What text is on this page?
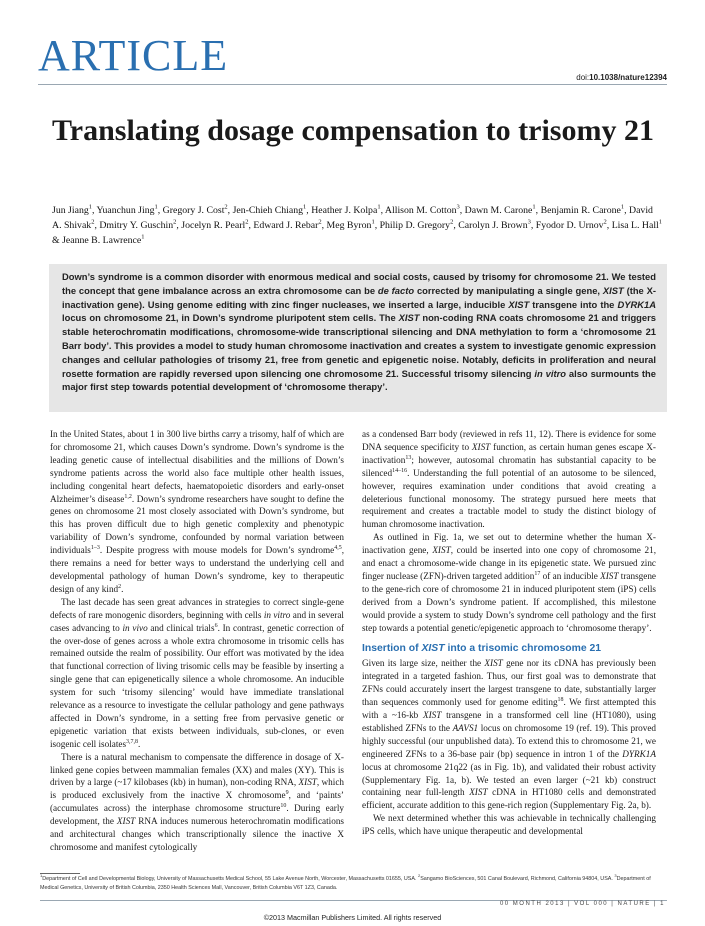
ARTICLE	doi:10.1038/nature12394
Translating dosage compensation to trisomy 21
Jun Jiang$^1$, Yuanchun Jing$^1$, Gregory J. Cost$^2$, Jen-Chieh Chiang$^1$, Heather J. Kolpa$^1$, Allison M. Cotton$^3$, Dawn M. Carone$^1$, Benjamin R. Carone$^1$, David A. Shivak$^2$, Dmitry Y. Guschin$^2$, Jocelyn R. Pearl$^2$, Edward J. Rebar$^2$, Meg Byron$^1$, Philip D. Gregory$^2$, Carolyn J. Brown$^3$, Fyodor D. Urnov$^2$, Lisa L. Hall$^1$ & Jeanne B. Lawrence$^1$
Down’s syndrome is a common disorder with enormous medical and social costs, caused by trisomy for chromosome 21. We tested the concept that gene imbalance across an extra chromosome can be de facto corrected by manipulating a single gene, XIST (the X-inactivation gene). Using genome editing with zinc finger nucleases, we inserted a large, inducible XIST transgene into the DYRK1A locus on chromosome 21, in Down’s syndrome pluripotent stem cells. The XIST non-coding RNA coats chromosome 21 and triggers stable heterochromatin modifications, chromosome-wide transcriptional silencing and DNA methylation to form a ‘chromosome 21 Barr body’. This provides a model to study human chromosome inactivation and creates a system to investigate genomic expression changes and cellular pathologies of trisomy 21, free from genetic and epigenetic noise. Notably, deficits in proliferation and neural rosette formation are rapidly reversed upon silencing one chromosome 21. Successful trisomy silencing in vitro also surmounts the major first step towards potential development of ‘chromosome therapy’.

In the United States, about 1 in 300 live births carry a trisomy, half of which are for chromosome 21, which causes Down’s syndrome. Down’s syndrome is the leading genetic cause of intellectual disabilities and the millions of Down’s syndrome patients across the world also face multiple other health issues, including congenital heart defects, haematopoietic disorders and early-onset Alzheimer’s disease$^{1,2}$. Down’s syndrome researchers have sought to define the genes on chromosome 21 most closely associated with Down’s syndrome, but this has proven difficult due to high genetic complexity and phenotypic variability of Down’s syndrome, confounded by normal variation between individuals$^{1-3}$. Despite progress with mouse models for Down’s syndrome$^{4,5}$, there remains a need for better ways to understand the underlying cell and developmental pathology of human Down’s syndrome, key to therapeutic design of any kind$^2$.

The last decade has seen great advances in strategies to correct single-gene defects of rare monogenic disorders, beginning with cells in vitro and in several cases advancing to in vivo and clinical trials$^6$. In contrast, genetic correction of the over-dose of genes across a whole extra chromosome in trisomic cells has remained outside the realm of possibility. Our effort was motivated by the idea that functional correction of living trisomic cells may be feasible by inserting a single gene that can epigenetically silence a whole chromosome. An inducible system for such ‘trisomy silencing’ would have immediate translational relevance as a resource to investigate the cellular pathology and gene pathways affected in Down’s syndrome, in a setting free from pervasive genetic or epigenetic variation that exists between individuals, sub-clones, or even isogenic cell isolates$^{3,7,8}$.

There is a natural mechanism to compensate the difference in dosage of X-linked gene copies between mammalian females (XX) and males (XY). This is driven by a large (~17 kilobases (kb) in human), non-coding RNA, XIST, which is produced exclusively from the inactive X chromosome$^9$, and ‘paints’ (accumulates across) the interphase chromosome structure$^{10}$. During early development, the XIST RNA induces numerous heterochromatin modifications and architectural changes which transcriptionally silence the inactive X chromosome and manifest cytologically

as a condensed Barr body (reviewed in refs 11, 12). There is evidence for some DNA sequence specificity to XIST function, as certain human genes escape X-inactivation$^{13}$; however, autosomal chromatin has substantial capacity to be silenced$^{14-16}$. Understanding the full potential of an autosome to be silenced, however, requires examination under conditions that avoid creating a deleterious functional monosomy. The strategy pursued here meets that requirement and creates a tractable model to study the distinct biology of human chromosome inactivation.

As outlined in Fig. 1a, we set out to determine whether the human X-inactivation gene, XIST, could be inserted into one copy of chromosome 21, and enact a chromosome-wide change in its epigenetic state. We pursued zinc finger nuclease (ZFN)-driven targeted addition$^{17}$ of an inducible XIST transgene to the gene-rich core of chromosome 21 in induced pluripotent stem (iPS) cells derived from a Down’s syndrome patient. If accomplished, this milestone would provide a system to study Down’s syndrome cell pathology and the first step towards a potential genetic/epigenetic approach to ‘chromosome therapy’.

Insertion of XIST into a trisomic chromosome 21

Given its large size, neither the XIST gene nor its cDNA has previously been integrated in a targeted fashion. Thus, our first goal was to demonstrate that ZFNs could accurately insert the largest transgene to date, substantially larger than sequences commonly used for genome editing$^{18}$. We first attempted this with a ~16-kb XIST transgene in a transformed cell line (HT1080), using established ZFNs to the AAVS1 locus on chromosome 19 (ref. 19). This proved highly successful (our unpublished data). To extend this to chromosome 21, we engineered ZFNs to a 36-base pair (bp) sequence in intron 1 of the DYRK1A locus at chromosome 21q22 (as in Fig. 1b), and validated their robust activity (Supplementary Fig. 1a, b). We tested an even larger (~21 kb) construct containing near full-length XIST cDNA in HT1080 cells and demonstrated efficient, accurate addition to this gene-rich region (Supplementary Fig. 2a, b).

We next determined whether this was achievable in technically challenging iPS cells, which have unique therapeutic and developmental

$^1$Department of Cell and Developmental Biology, University of Massachusetts Medical School, 55 Lake Avenue North, Worcester, Massachusetts 01655, USA. $^2$Sangamo BioSciences, 501 Canal Boulevard, Richmond, California 94804, USA. $^3$Department of Medical Genetics, University of British Columbia, 2350 Health Sciences Mall, Vancouver, British Columbia V6T 1Z3, Canada.
00 MONTH 2013 | VOL 000 | NATURE | 1
©2013 Macmillan Publishers Limited. All rights reserved
